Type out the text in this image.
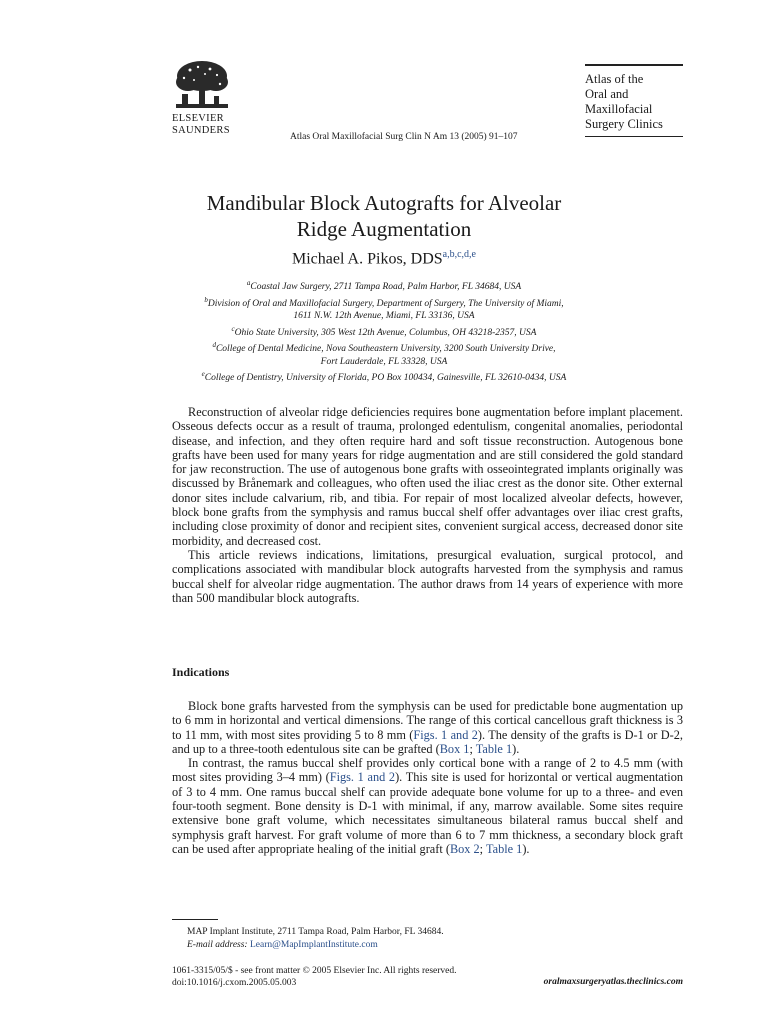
ELSEVIER
SAUNDERS
Atlas Oral Maxillofacial Surg Clin N Am 13 (2005) 91–107
Atlas of the
Oral and
Maxillofacial
Surgery Clinics
Mandibular Block Autografts for Alveolar
Ridge Augmentation
Michael A. Pikos, DDS$^{a,b,c,d,e}$
$^a$Coastal Jaw Surgery, 2711 Tampa Road, Palm Harbor, FL 34684, USA
$^b$Division of Oral and Maxillofacial Surgery, Department of Surgery, The University of Miami,
1611 N.W. 12th Avenue, Miami, FL 33136, USA
$^c$Ohio State University, 305 West 12th Avenue, Columbus, OH 43218-2357, USA
$^d$College of Dental Medicine, Nova Southeastern University, 3200 South University Drive,
Fort Lauderdale, FL 33328, USA
$^e$College of Dentistry, University of Florida, PO Box 100434, Gainesville, FL 32610-0434, USA

Reconstruction of alveolar ridge deficiencies requires bone augmentation before implant placement. Osseous defects occur as a result of trauma, prolonged edentulism, congenital anomalies, periodontal disease, and infection, and they often require hard and soft tissue reconstruction. Autogenous bone grafts have been used for many years for ridge augmentation and are still considered the gold standard for jaw reconstruction. The use of autogenous bone grafts with osseointegrated implants originally was discussed by Brånemark and colleagues, who often used the iliac crest as the donor site. Other external donor sites include calvarium, rib, and tibia. For repair of most localized alveolar defects, however, block bone grafts from the symphysis and ramus buccal shelf offer advantages over iliac crest grafts, including close proximity of donor and recipient sites, convenient surgical access, decreased donor site morbidity, and decreased cost.

This article reviews indications, limitations, presurgical evaluation, surgical protocol, and complications associated with mandibular block autografts harvested from the symphysis and ramus buccal shelf for alveolar ridge augmentation. The author draws from 14 years of experience with more than 500 mandibular block autografts.

Indications

Block bone grafts harvested from the symphysis can be used for predictable bone augmentation up to 6 mm in horizontal and vertical dimensions. The range of this cortical cancellous graft thickness is 3 to 11 mm, with most sites providing 5 to 8 mm (Figs. 1 and 2). The density of the grafts is D-1 or D-2, and up to a three-tooth edentulous site can be grafted (Box 1; Table 1).

In contrast, the ramus buccal shelf provides only cortical bone with a range of 2 to 4.5 mm (with most sites providing 3–4 mm) (Figs. 1 and 2). This site is used for horizontal or vertical augmentation of 3 to 4 mm. One ramus buccal shelf can provide adequate bone volume for up to a three- and even four-tooth segment. Bone density is D-1 with minimal, if any, marrow available. Some sites require extensive bone graft volume, which necessitates simultaneous bilateral ramus buccal shelf and symphysis graft harvest. For graft volume of more than 6 to 7 mm thickness, a secondary block graft can be used after appropriate healing of the initial graft (Box 2; Table 1).

MAP Implant Institute, 2711 Tampa Road, Palm Harbor, FL 34684.
E-mail address: Learn@MapImplantInstitute.com
1061-3315/05/$ - see front matter © 2005 Elsevier Inc. All rights reserved.
doi:10.1016/j.cxom.2005.05.003	oralmaxsurgeryatlas.theclinics.com
